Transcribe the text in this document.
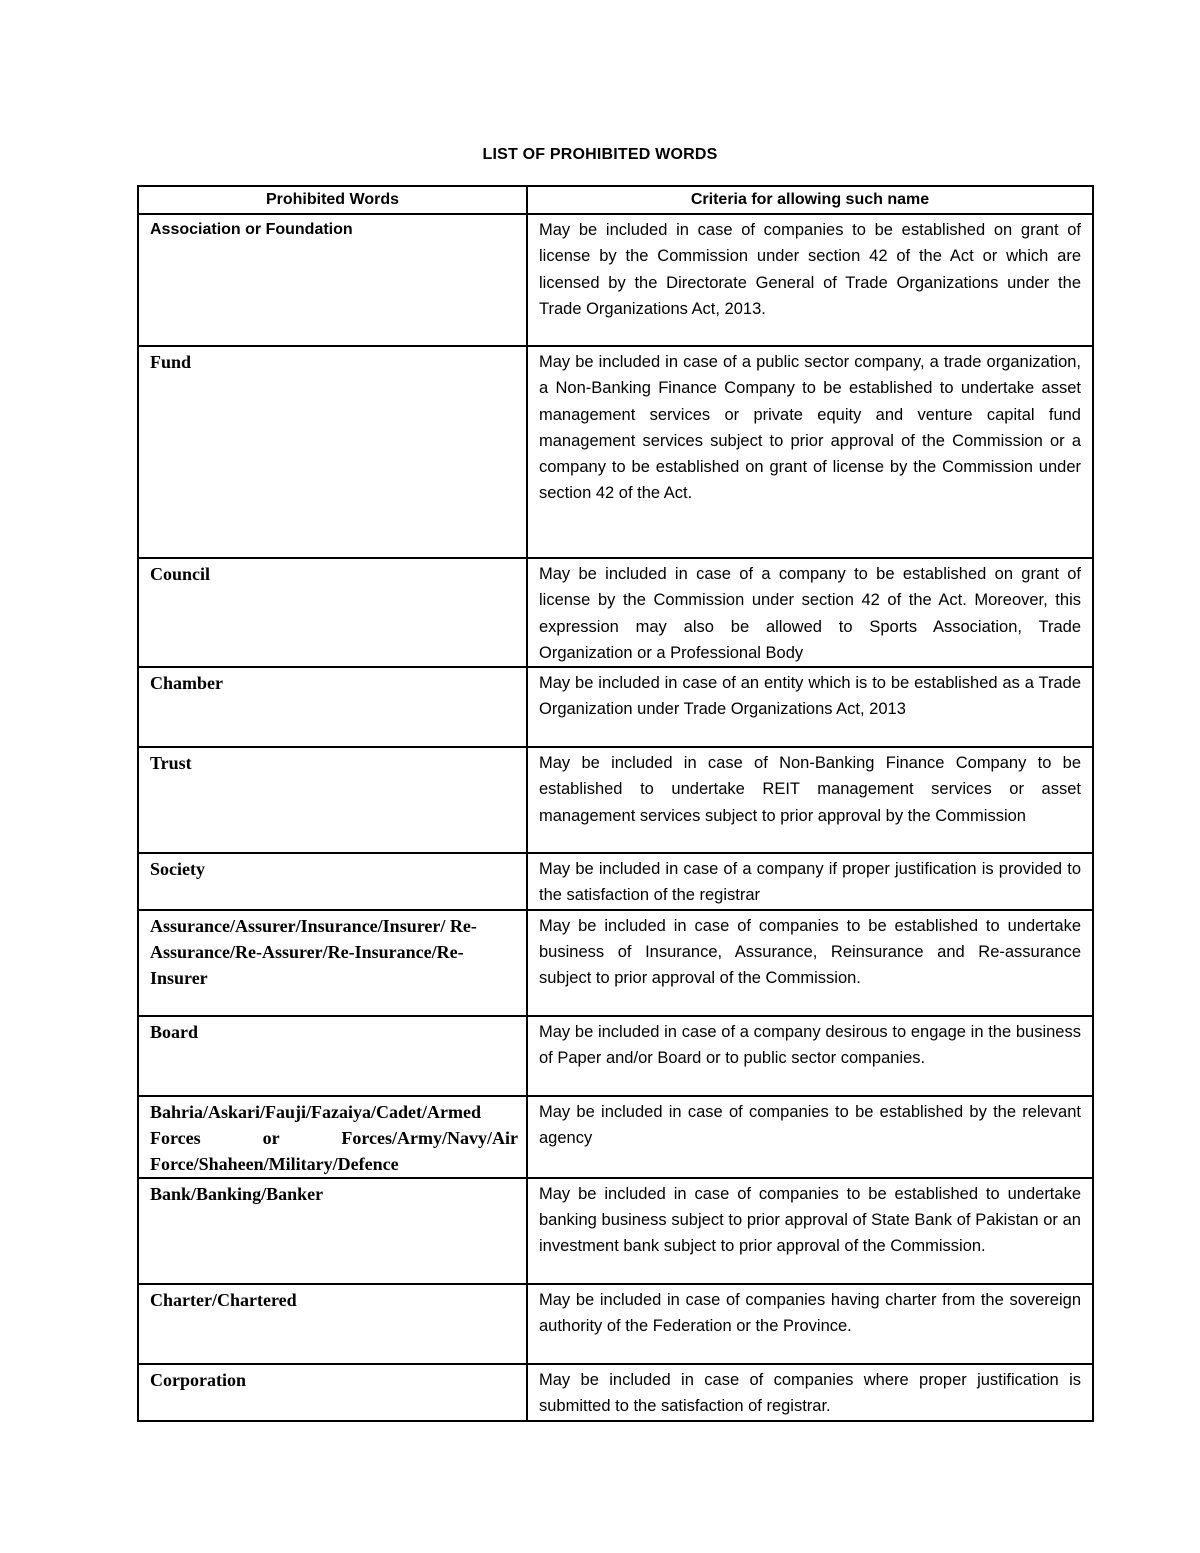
LIST OF PROHIBITED WORDS
Prohibited Words	Criteria for allowing such name
Association or Foundation	May be included in case of companies to be established on grant of license by the Commission under section 42 of the Act or which are licensed by the Directorate General of Trade Organizations under the Trade Organizations Act, 2013.
Fund	May be included in case of a public sector company, a trade organization, a Non-Banking Finance Company to be established to undertake asset management services or private equity and venture capital fund management services subject to prior approval of the Commission or a company to be established on grant of license by the Commission under section 42 of the Act.
Council	May be included in case of a company to be established on grant of license by the Commission under section 42 of the Act. Moreover, this expression may also be allowed to Sports Association, Trade Organization or a Professional Body
Chamber	May be included in case of an entity which is to be established as a Trade Organization under Trade Organizations Act, 2013
Trust	May be included in case of Non-Banking Finance Company to be established to undertake REIT management services or asset management services subject to prior approval by the Commission
Society	May be included in case of a company if proper justification is provided to the satisfaction of the registrar
Assurance/Assurer/Insurance/Insurer/ Re-Assurance/Re-Assurer/Re-Insurance/Re-Insurer	May be included in case of companies to be established to undertake business of Insurance, Assurance, Reinsurance and Re-assurance subject to prior approval of the Commission.
Board	May be included in case of a company desirous to engage in the business of Paper and/or Board or to public sector companies.
Bahria/Askari/Fauji/Fazaiya/Cadet/Armed Forces or Forces/Army/Navy/Air Force/Shaheen/Military/Defence	May be included in case of companies to be established by the relevant agency
Bank/Banking/Banker	May be included in case of companies to be established to undertake banking business subject to prior approval of State Bank of Pakistan or an investment bank subject to prior approval of the Commission.
Charter/Chartered	May be included in case of companies having charter from the sovereign authority of the Federation or the Province.
Corporation	May be included in case of companies where proper justification is submitted to the satisfaction of registrar.
